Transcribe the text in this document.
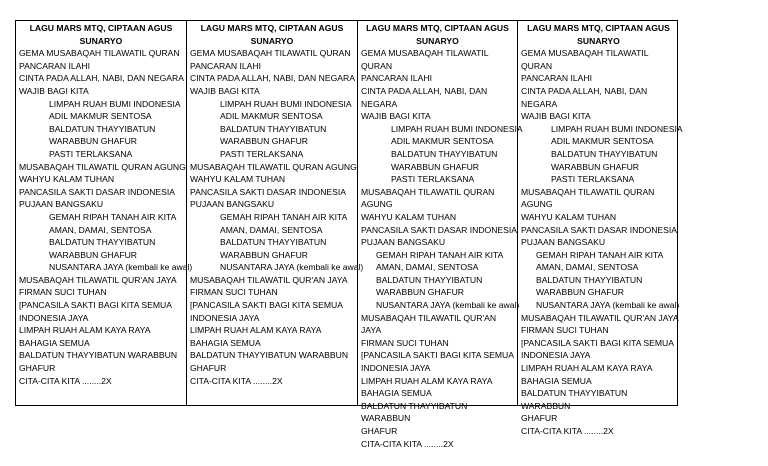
LAGU MARS MTQ, CIPTAAN AGUS SUNARYO
GEMA MUSABAQAH TILAWATIL QURAN
PANCARAN ILAHI
CINTA PADA ALLAH, NABI, DAN NEGARA
WAJIB BAGI KITA
LIMPAH RUAH BUMI INDONESIA
ADIL MAKMUR SENTOSA
BALDATUN THAYYIBATUN
WARABBUN GHAFUR
PASTI TERLAKSANA
MUSABAQAH TILAWATIL QURAN AGUNG
WAHYU KALAM TUHAN
PANCASILA SAKTI DASAR INDONESIA
PUJAAN BANGSAKU
GEMAH RIPAH TANAH AIR KITA
AMAN, DAMAI, SENTOSA
BALDATUN THAYYIBATUN
WARABBUN GHAFUR
NUSANTARA JAYA (kembali ke awal)
MUSABAQAH TILAWATIL QUR'AN JAYA
FIRMAN SUCI TUHAN
[PANCASILA SAKTI BAGI KITA SEMUA
INDONESIA JAYA
LIMPAH RUAH ALAM KAYA RAYA
BAHAGIA SEMUA
BALDATUN THAYYIBATUN WARABBUN
GHAFUR
CITA-CITA KITA ........2X
LAGU MARS MTQ, CIPTAAN AGUS SUNARYO
GEMA MUSABAQAH TILAWATIL QURAN
PANCARAN ILAHI
CINTA PADA ALLAH, NABI, DAN NEGARA
WAJIB BAGI KITA
LIMPAH RUAH BUMI INDONESIA
ADIL MAKMUR SENTOSA
BALDATUN THAYYIBATUN
WARABBUN GHAFUR
PASTI TERLAKSANA
MUSABAQAH TILAWATIL QURAN AGUNG
WAHYU KALAM TUHAN
PANCASILA SAKTI DASAR INDONESIA
PUJAAN BANGSAKU
GEMAH RIPAH TANAH AIR KITA
AMAN, DAMAI, SENTOSA
BALDATUN THAYYIBATUN
WARABBUN GHAFUR
NUSANTARA JAYA (kembali ke awal)
MUSABAQAH TILAWATIL QUR'AN JAYA
FIRMAN SUCI TUHAN
[PANCASILA SAKTI BAGI KITA SEMUA
INDONESIA JAYA
LIMPAH RUAH ALAM KAYA RAYA
BAHAGIA SEMUA
BALDATUN THAYYIBATUN WARABBUN
GHAFUR
CITA-CITA KITA ........2X
LAGU MARS MTQ, CIPTAAN AGUS SUNARYO
GEMA MUSABAQAH TILAWATIL QURAN
PANCARAN ILAHI
CINTA PADA ALLAH, NABI, DAN NEGARA
WAJIB BAGI KITA
LIMPAH RUAH BUMI INDONESIA
ADIL MAKMUR SENTOSA
BALDATUN THAYYIBATUN
WARABBUN GHAFUR
PASTI TERLAKSANA
MUSABAQAH TILAWATIL QURAN
AGUNG
WAHYU KALAM TUHAN
PANCASILA SAKTI DASAR INDONESIA
PUJAAN BANGSAKU
GEMAH RIPAH TANAH AIR KITA
AMAN, DAMAI, SENTOSA
BALDATUN THAYYIBATUN
WARABBUN GHAFUR
NUSANTARA JAYA (kembali ke awal)
MUSABAQAH TILAWATIL QUR'AN JAYA
FIRMAN SUCI TUHAN
[PANCASILA SAKTI BAGI KITA SEMUA
INDONESIA JAYA
LIMPAH RUAH ALAM KAYA RAYA
BAHAGIA SEMUA
BALDATUN THAYYIBATUN WARABBUN
GHAFUR
CITA-CITA KITA ........2X
LAGU MARS MTQ, CIPTAAN AGUS SUNARYO
GEMA MUSABAQAH TILAWATIL QURAN
PANCARAN ILAHI
CINTA PADA ALLAH, NABI, DAN NEGARA
WAJIB BAGI KITA
LIMPAH RUAH BUMI INDONESIA
ADIL MAKMUR SENTOSA
BALDATUN THAYYIBATUN
WARABBUN GHAFUR
PASTI TERLAKSANA
MUSABAQAH TILAWATIL QURAN
AGUNG
WAHYU KALAM TUHAN
PANCASILA SAKTI DASAR INDONESIA
PUJAAN BANGSAKU
GEMAH RIPAH TANAH AIR KITA
AMAN, DAMAI, SENTOSA
BALDATUN THAYYIBATUN
WARABBUN GHAFUR
NUSANTARA JAYA (kembali ke awal)
MUSABAQAH TILAWATIL QUR'AN JAYA
FIRMAN SUCI TUHAN
[PANCASILA SAKTI BAGI KITA SEMUA
INDONESIA JAYA
LIMPAH RUAH ALAM KAYA RAYA
BAHAGIA SEMUA
BALDATUN THAYYIBATUN WARABBUN
GHAFUR
CITA-CITA KITA ........2X
